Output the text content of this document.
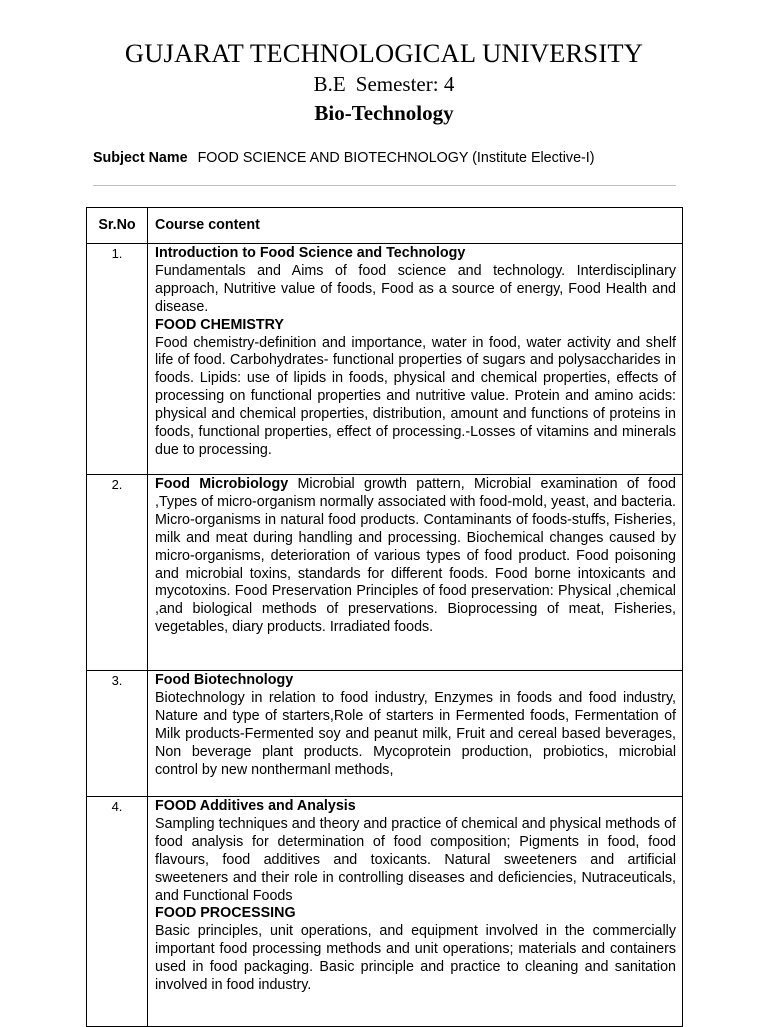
GUJARAT TECHNOLOGICAL UNIVERSITY
B.E Semester: 4
Bio-Technology
Subject Name FOOD SCIENCE AND BIOTECHNOLOGY (Institute Elective-I)
Sr.No	Course content
1.	Introduction to Food Science and Technology

Fundamentals and Aims of food science and technology. Interdisciplinary approach, Nutritive value of foods, Food as a source of energy, Food Health and disease.

FOOD CHEMISTRY

Food chemistry-definition and importance, water in food, water activity and shelf life of food. Carbohydrates- functional properties of sugars and polysaccharides in foods. Lipids: use of lipids in foods, physical and chemical properties, effects of processing on functional properties and nutritive value. Protein and amino acids: physical and chemical properties, distribution, amount and functions of proteins in foods, functional properties, effect of processing.-Losses of vitamins and minerals due to processing.

2.	Food Microbiology Microbial growth pattern, Microbial examination of food ,Types of micro-organism normally associated with food-mold, yeast, and bacteria. Micro-organisms in natural food products. Contaminants of foods-stuffs, Fisheries, milk and meat during handling and processing. Biochemical changes caused by micro-organisms, deterioration of various types of food product. Food poisoning and microbial toxins, standards for different foods. Food borne intoxicants and mycotoxins. Food Preservation Principles of food preservation: Physical ,chemical ,and biological methods of preservations. Bioprocessing of meat, Fisheries, vegetables, diary products. Irradiated foods.

3.	Food Biotechnology

Biotechnology in relation to food industry, Enzymes in foods and food industry, Nature and type of starters,Role of starters in Fermented foods, Fermentation of Milk products-Fermented soy and peanut milk, Fruit and cereal based beverages, Non beverage plant products. Mycoprotein production, probiotics, microbial control by new nonthermanl methods,

4.	FOOD Additives and Analysis

Sampling techniques and theory and practice of chemical and physical methods of food analysis for determination of food composition; Pigments in food, food flavours, food additives and toxicants. Natural sweeteners and artificial sweeteners and their role in controlling diseases and deficiencies, Nutraceuticals, and Functional Foods

FOOD PROCESSING

Basic principles, unit operations, and equipment involved in the commercially important food processing methods and unit operations; materials and containers used in food packaging. Basic principle and practice to cleaning and sanitation involved in food industry.
